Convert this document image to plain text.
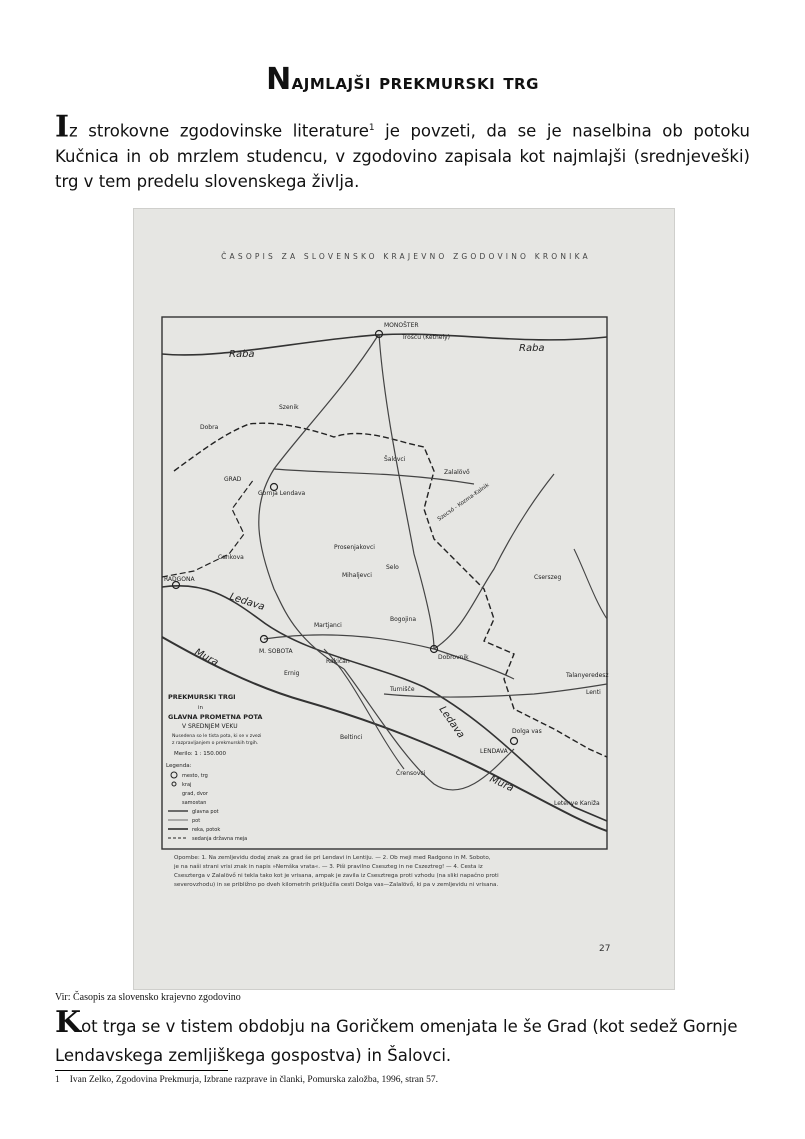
Najmlajši prekmurski trg
Iz strokovne zgodovinske literature$^1$ je povzeti, da se je naselbina ob potoku Kučnica in ob mrzlem studencu, v zgodovino zapisala kot najmlajši (srednjeveški) trg v tem predelu slovenskega življa.
ČASOPIS ZA SLOVENSKO KRAJEVNO ZGODOVINO KRONIKA
MONOŠTER
Trošču (Kethely)
Szenik
Dobra
GRAD
Gornja Lendava
Šalovci
Zalalövő
Prosenjakovci
Selo
Mihaljevci
Cankova
RADGONA
M. SOBOTA
Martjanci
Bogojina
Dobrovnik
Cserszeg
Rakičan
Ernig
Turnišče
Beltinci
Črensovci
LENDAVA
Dolga vas
Talanyeredesz
Lenti
Letenye Kaniža
Szecsó - Kozma-Kalnik
Raba
Raba
Ledava
Ledava
Mura
Mura
PREKMURSKI TRGI
in
GLAVNA PROMETNA POTA
V SREDNJEM VEKU
Nusedena so le tista pota, ki se v zvezi
z razpravljanjem o prekmurskih trgih.
Merilo: 1 : 150.000
Legenda:
mesto, trg
kraj
grad, dvor
samostan
glavna pot
pot
reka, potok
sedanja državna meja
Opombe: 1. Na zemljevidu dodaj znak za grad še pri Lendavi in Lentiju. — 2. Ob meji med Radgono in M. Soboto,
je na naši strani vrisi znak in napis »Nemška vrata«. — 3. Piši pravilno Cseszteg in ne Cszeztreg! — 4. Cesta iz
Cseszterga v Zalalövő ni tekla tako kot je vrisana, ampak je zavila iz Csesztrega proti vzhodu (na sliki napačno proti
severovzhodu) in se približno po dveh kilometrih priključila cesti Dolga vas—Zalalövő, ki pa v zemljevidu ni vrisana.
27
Vir: Časopis za slovensko krajevno zgodovino
Kot trga se v tistem obdobju na Goričkem omenjata le še Grad (kot sedež Gornje Lendavskega zemljiškega gospostva) in Šalovci.
1 Ivan Zelko, Zgodovina Prekmurja, Izbrane razprave in članki, Pomurska založba, 1996, stran 57.
